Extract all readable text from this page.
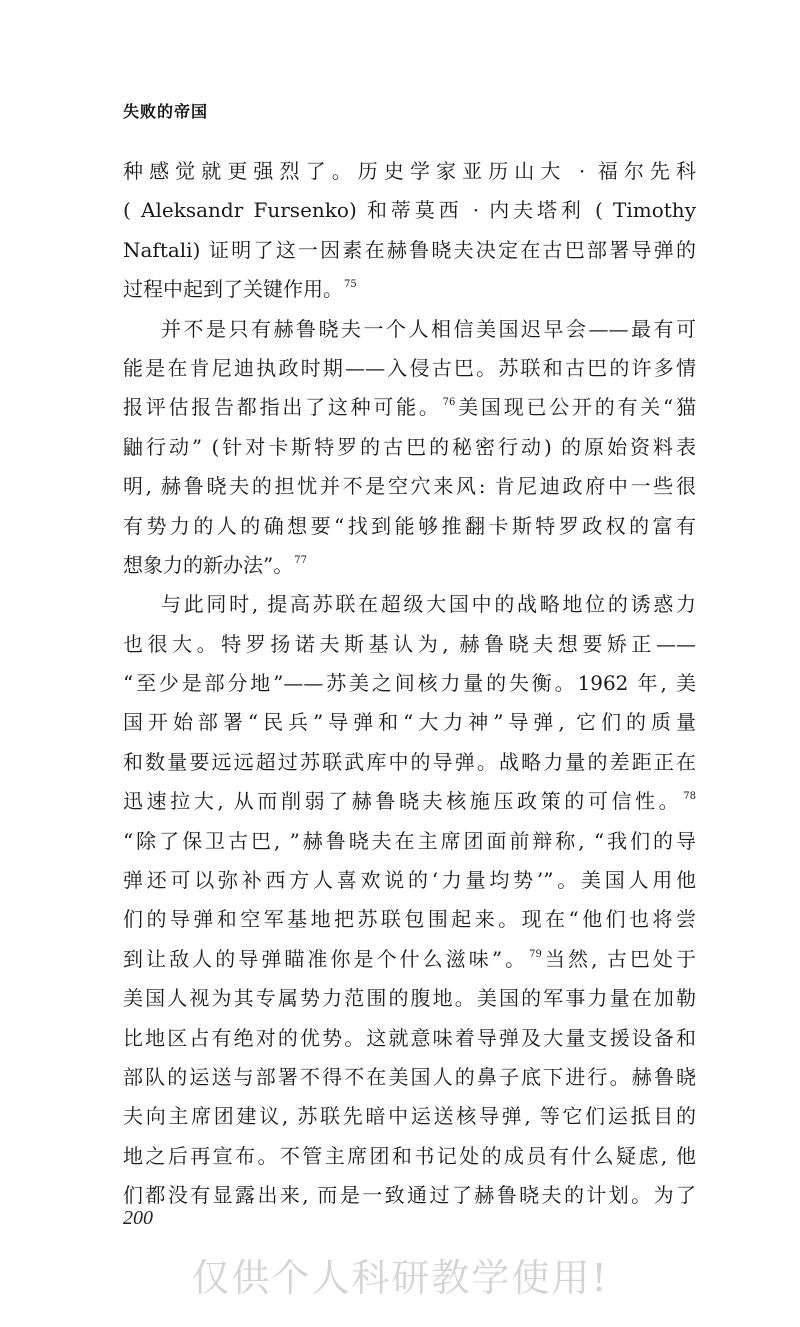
失败的帝国
种感觉就更强烈了。历史学家亚历山大 · 福尔先科
( Aleksandr Fursenko) 和蒂莫西 · 内夫塔利 ( Timothy
Naftali) 证明了这一因素在赫鲁晓夫决定在古巴部署导弹的
过程中起到了关键作用。$^{75}$
并不是只有赫鲁晓夫一个人相信美国迟早会——最有可
能是在肯尼迪执政时期——入侵古巴。苏联和古巴的许多情
报评估报告都指出了这种可能。$^{76}$美国现已公开的有关“猫
鼬行动” (针对卡斯特罗的古巴的秘密行动) 的原始资料表
明, 赫鲁晓夫的担忧并不是空穴来风: 肯尼迪政府中一些很
有势力的人的确想要“找到能够推翻卡斯特罗政权的富有
想象力的新办法”。$^{77}$
与此同时, 提高苏联在超级大国中的战略地位的诱惑力
也很大。特罗扬诺夫斯基认为, 赫鲁晓夫想要矫正——
“至少是部分地”——苏美之间核力量的失衡。1962 年, 美
国开始部署“民兵”导弹和“大力神”导弹, 它们的质量
和数量要远远超过苏联武库中的导弹。战略力量的差距正在
迅速拉大, 从而削弱了赫鲁晓夫核施压政策的可信性。$^{78}$
“除了保卫古巴, ”赫鲁晓夫在主席团面前辩称, “我们的导
弹还可以弥补西方人喜欢说的‘力量均势’”。美国人用他
们的导弹和空军基地把苏联包围起来。现在“他们也将尝
到让敌人的导弹瞄准你是个什么滋味”。$^{79}$当然, 古巴处于
美国人视为其专属势力范围的腹地。美国的军事力量在加勒
比地区占有绝对的优势。这就意味着导弹及大量支援设备和
部队的运送与部署不得不在美国人的鼻子底下进行。赫鲁晓
夫向主席团建议, 苏联先暗中运送核导弹, 等它们运抵目的
地之后再宣布。不管主席团和书记处的成员有什么疑虑, 他
们都没有显露出来, 而是一致通过了赫鲁晓夫的计划。为了
200
仅供个人科研教学使用!
